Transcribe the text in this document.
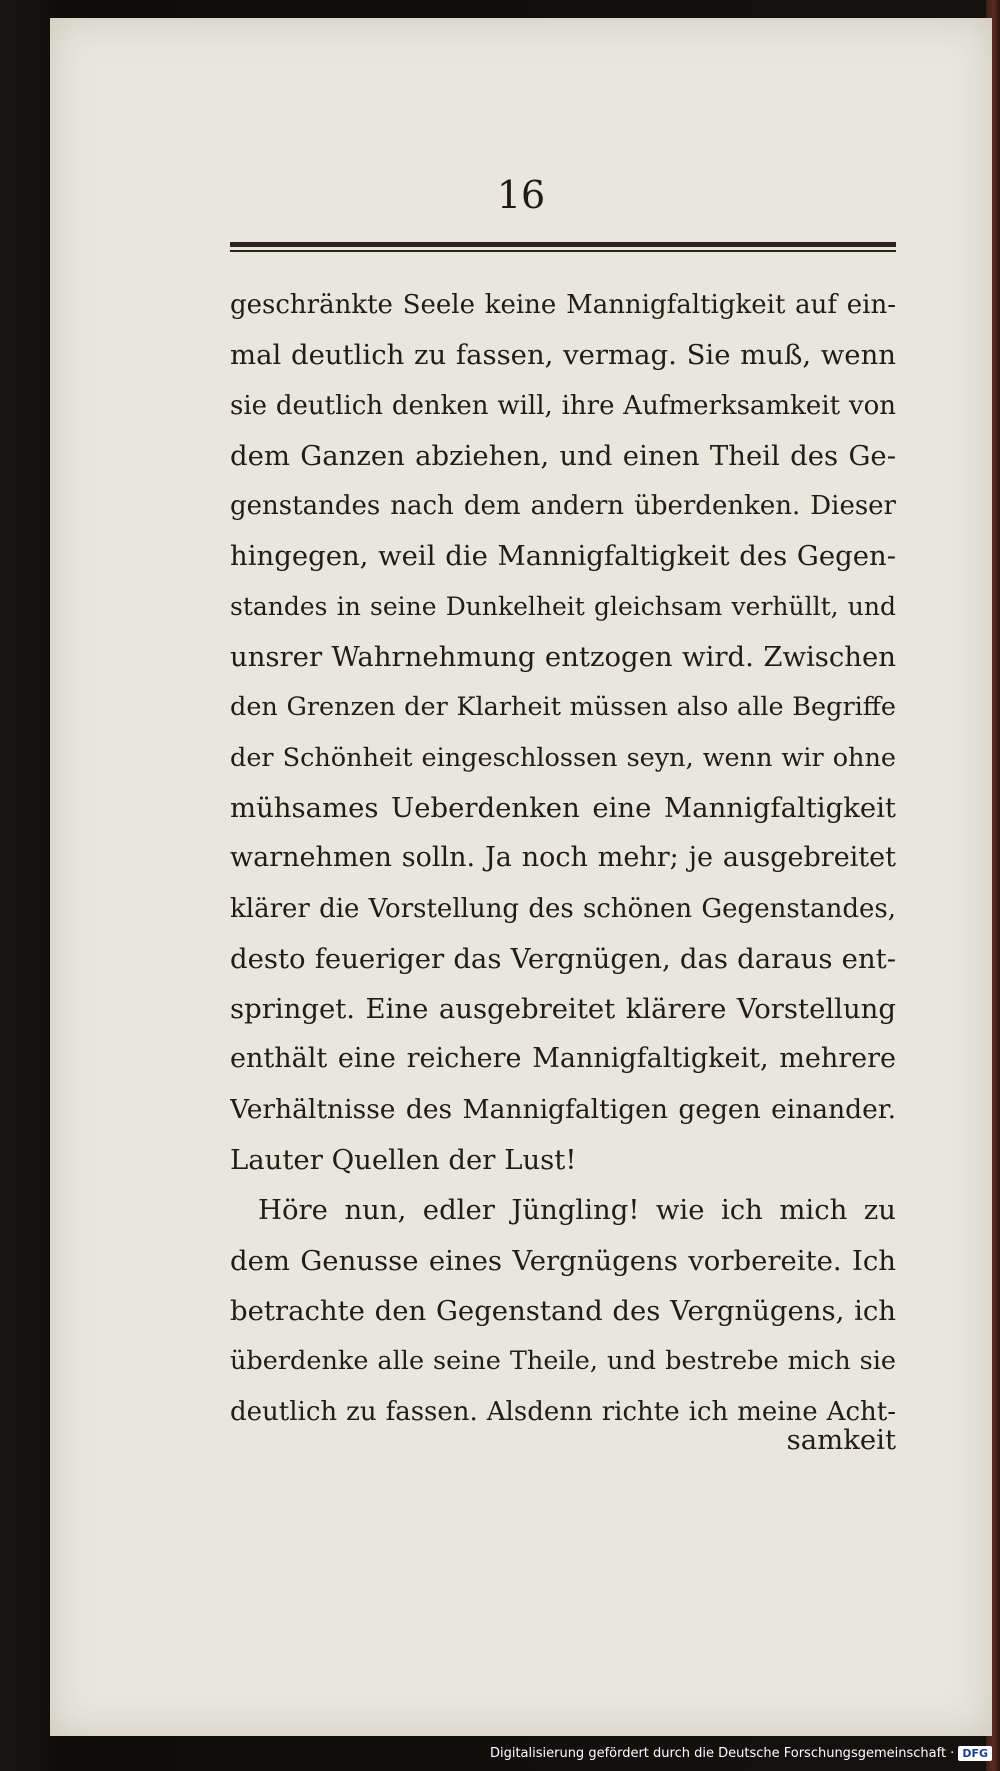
16
geschränkte Seele keine Mannigfaltigkeit auf ein-
mal deutlich zu fassen, vermag. Sie muß, wenn
sie deutlich denken will, ihre Aufmerksamkeit von
dem Ganzen abziehen, und einen Theil des Ge-
genstandes nach dem andern überdenken. Dieser
hingegen, weil die Mannigfaltigkeit des Gegen-
standes in seine Dunkelheit gleichsam verhüllt, und
unsrer Wahrnehmung entzogen wird. Zwischen
den Grenzen der Klarheit müssen also alle Begriffe
der Schönheit eingeschlossen seyn, wenn wir ohne
mühsames Ueberdenken eine Mannigfaltigkeit
warnehmen solln. Ja noch mehr; je ausgebreitet
klärer die Vorstellung des schönen Gegenstandes,
desto feueriger das Vergnügen, das daraus ent-
springet. Eine ausgebreitet klärere Vorstellung
enthält eine reichere Mannigfaltigkeit, mehrere
Verhältnisse des Mannigfaltigen gegen einander.
Lauter Quellen der Lust!
Höre nun, edler Jüngling! wie ich mich zu
dem Genusse eines Vergnügens vorbereite. Ich
betrachte den Gegenstand des Vergnügens, ich
überdenke alle seine Theile, und bestrebe mich sie
deutlich zu fassen. Alsdenn richte ich meine Acht-
samkeit
Digitalisierung gefördert durch die Deutsche Forschungsgemeinschaft · DFG
